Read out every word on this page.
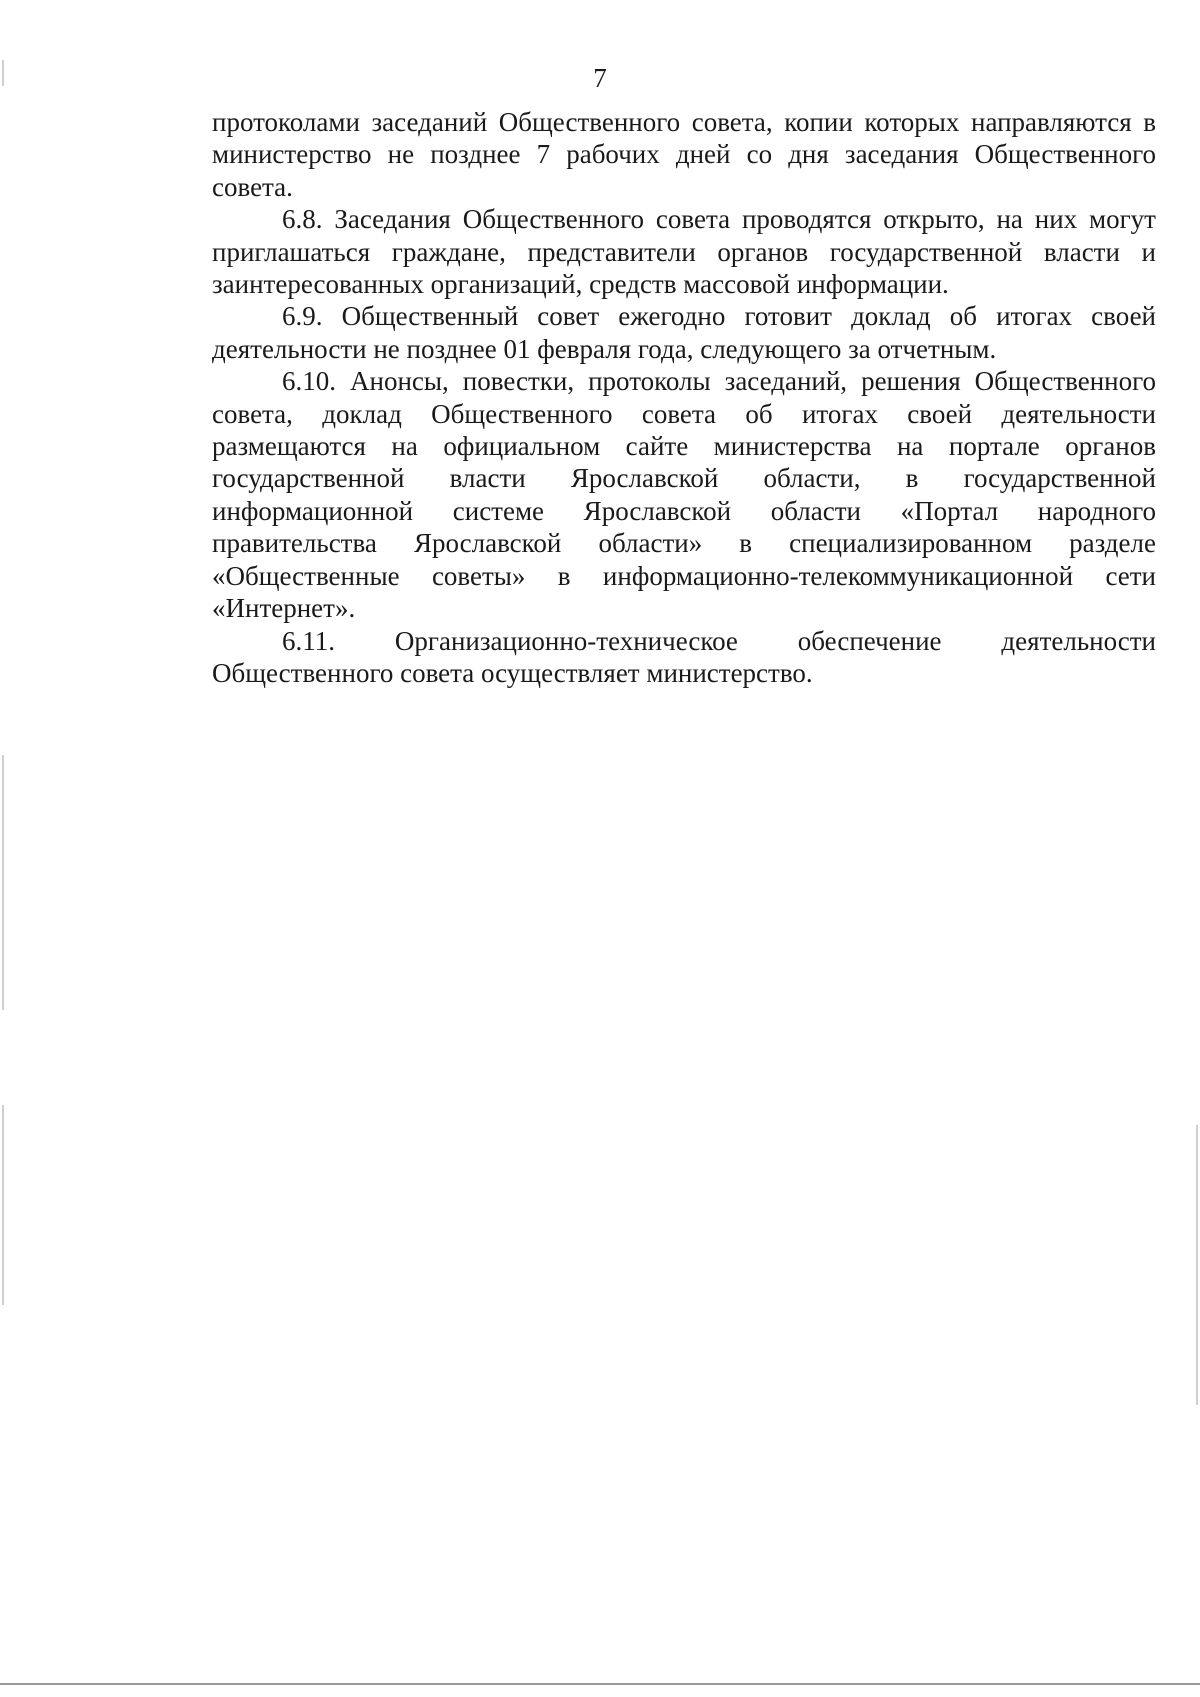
7

протоколами заседаний Общественного совета, копии которых направляются в министерство не позднее 7 рабочих дней со дня заседания Общественного совета.

6.8. Заседания Общественного совета проводятся открыто, на них могут приглашаться граждане, представители органов государственной власти и заинтересованных организаций, средств массовой информации.

6.9. Общественный совет ежегодно готовит доклад об итогах своей деятельности не позднее 01 февраля года, следующего за отчетным.

6.10. Анонсы, повестки, протоколы заседаний, решения Общественного совета, доклад Общественного совета об итогах своей деятельности размещаются на официальном сайте министерства на портале органов государственной власти Ярославской области, в государственной информационной системе Ярославской области «Портал народного правительства Ярославской области» в специализированном разделе «Общественные советы» в информационно-телекоммуникационной сети «Интернет».

6.11. Организационно-техническое обеспечение деятельности

Общественного совета осуществляет министерство.
